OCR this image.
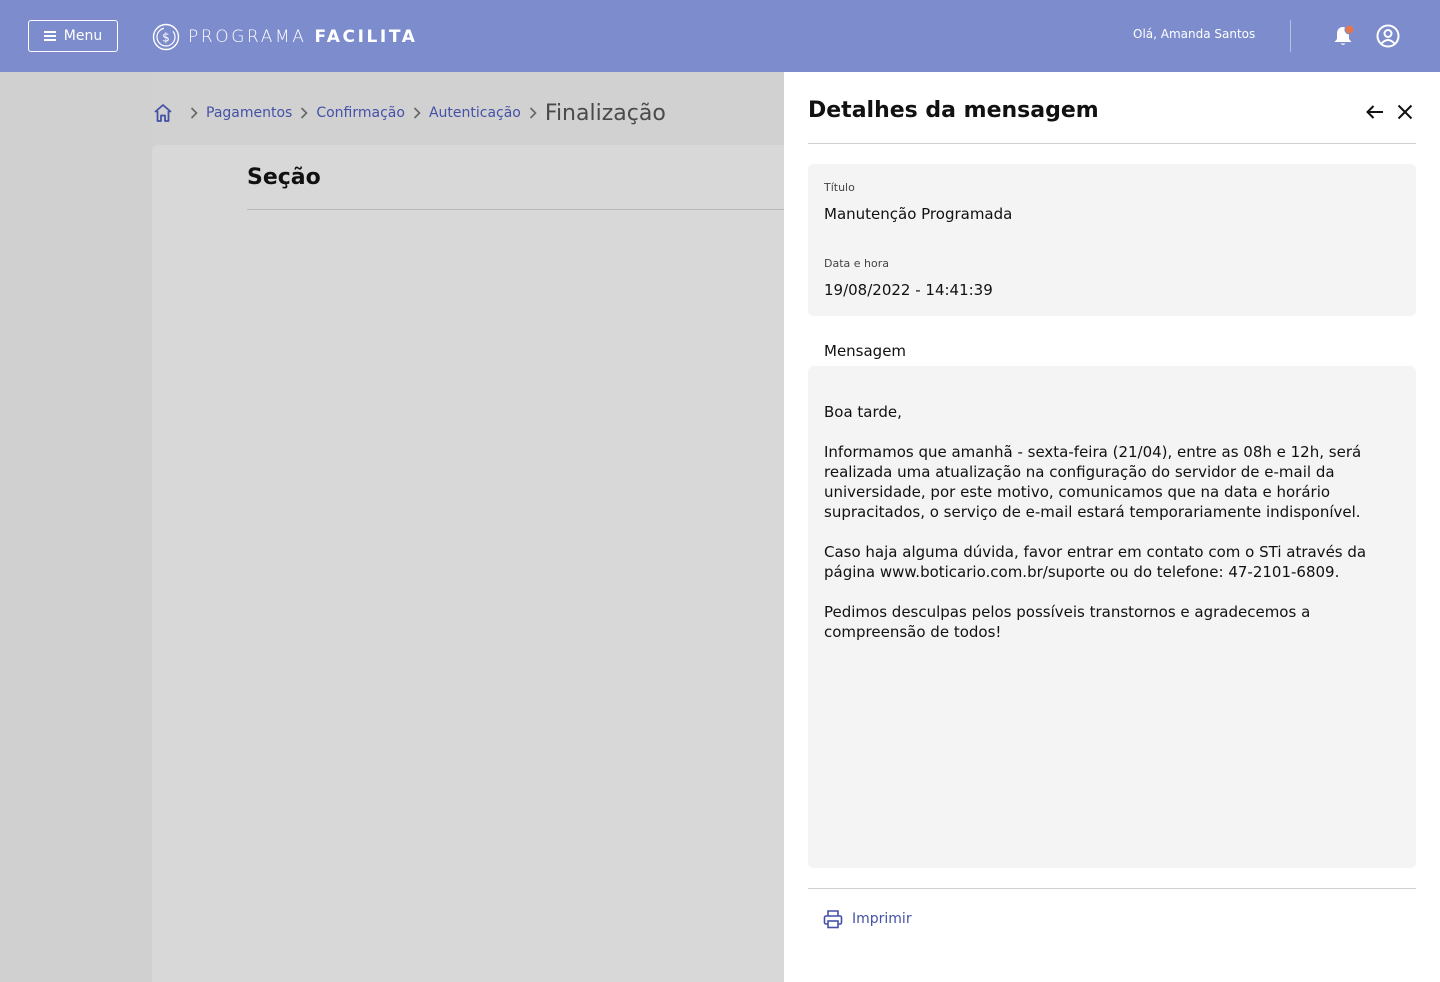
Menu	$ PROGRAMA FACILITA	Olá, Amanda Santos
Pagamentos Confirmação Autenticação Finalização
Seção
Detalhes da mensagem
Título
Manutenção Programada
Data e hora
19/08/2022 - 14:41:39
Mensagem

Boa tarde,

Informamos que amanhã - sexta-feira (21/04), entre as 08h e 12h, será realizada uma atualização na configuração do servidor de e-mail da universidade, por este motivo, comunicamos que na data e horário supracitados, o serviço de e-mail estará temporariamente indisponível.

Caso haja alguma dúvida, favor entrar em contato com o STi através da página www.boticario.com.br/suporte ou do telefone: 47-2101-6809.

Pedimos desculpas pelos possíveis transtornos e agradecemos a compreensão de todos!

Imprimir
